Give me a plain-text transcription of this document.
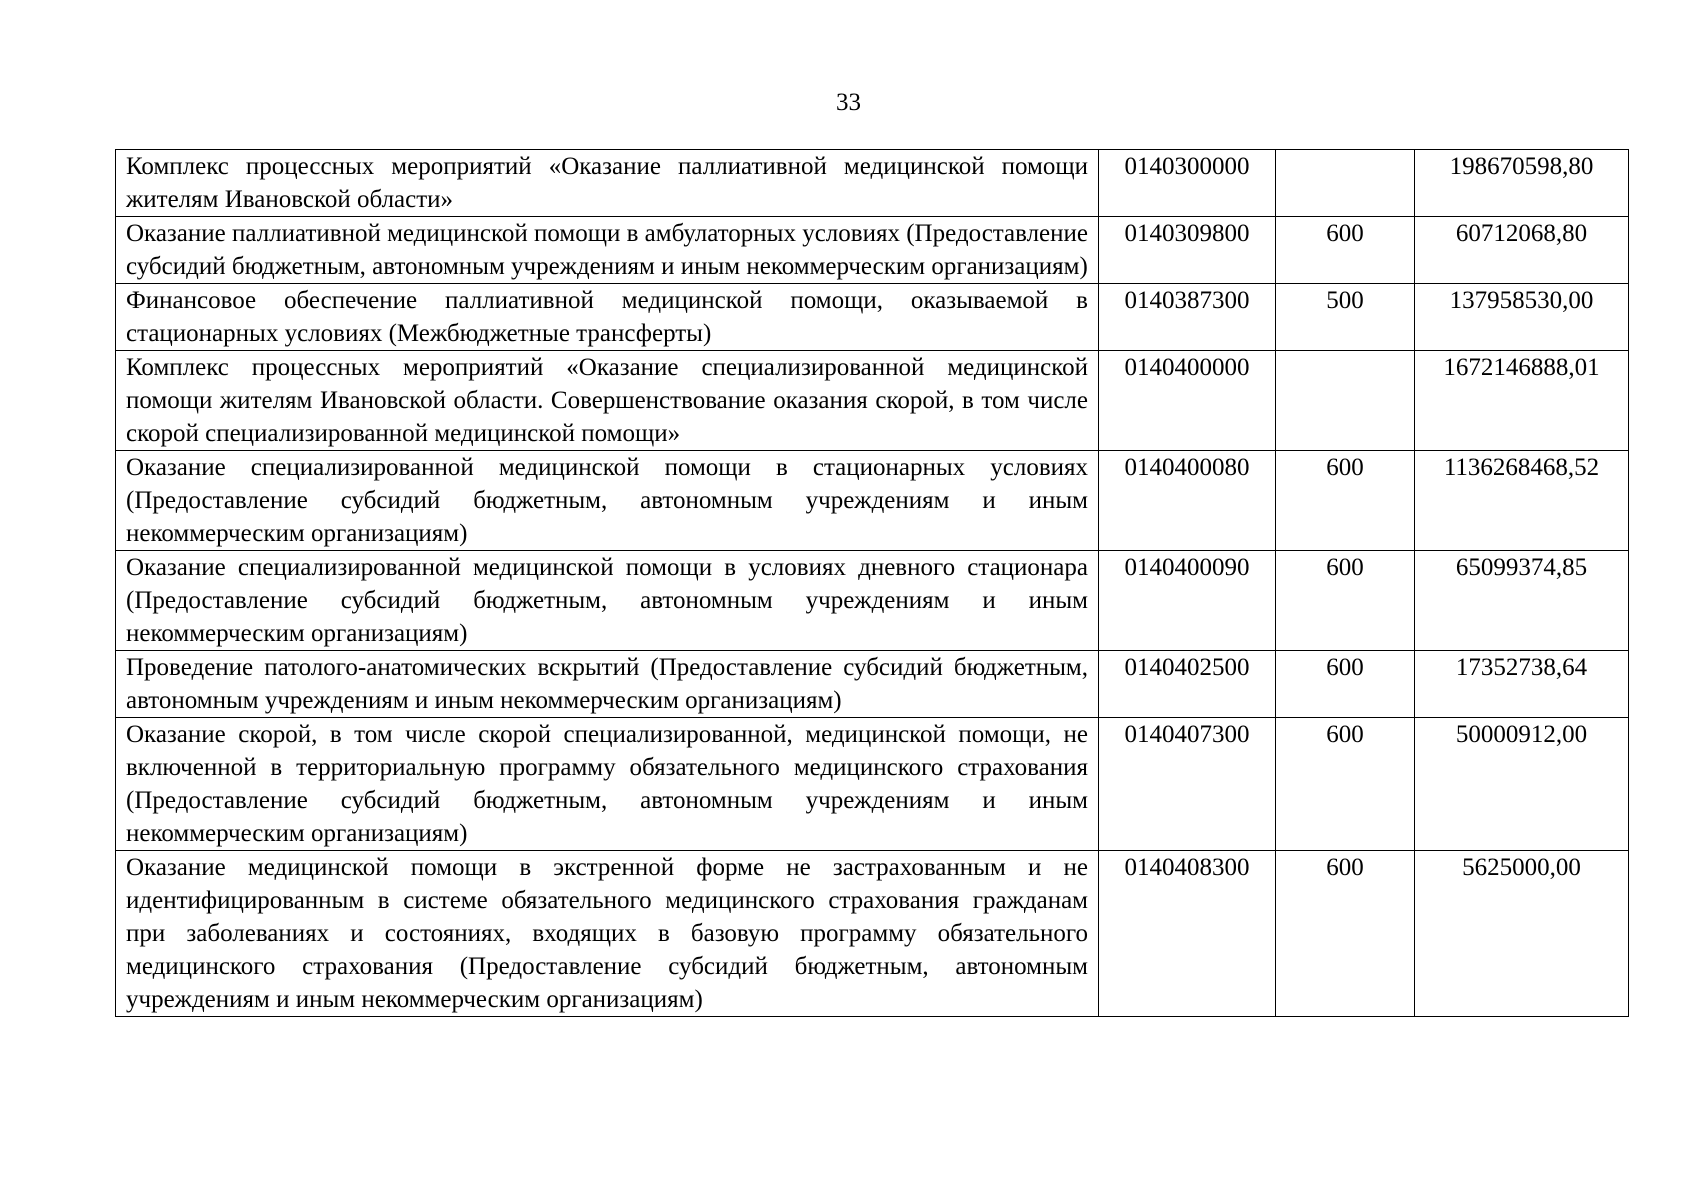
33
Комплекс процессных мероприятий «Оказание паллиативной медицинской помощи жителям Ивановской области»	0140300000		198670598,80
Оказание паллиативной медицинской помощи в амбулаторных условиях (Предоставление субсидий бюджетным, автономным учреждениям и иным некоммерческим организациям)	0140309800	600	60712068,80
Финансовое обеспечение паллиативной медицинской помощи, оказываемой в стационарных условиях (Межбюджетные трансферты)	0140387300	500	137958530,00
Комплекс процессных мероприятий «Оказание специализированной медицинской помощи жителям Ивановской области. Совершенствование оказания скорой, в том числе скорой специализированной медицинской помощи»	0140400000		1672146888,01
Оказание специализированной медицинской помощи в стационарных условиях (Предоставление субсидий бюджетным, автономным учреждениям и иным некоммерческим организациям)	0140400080	600	1136268468,52
Оказание специализированной медицинской помощи в условиях дневного стационара (Предоставление субсидий бюджетным, автономным учреждениям и иным некоммерческим организациям)	0140400090	600	65099374,85
Проведение патолого-анатомических вскрытий (Предоставление субсидий бюджетным, автономным учреждениям и иным некоммерческим организациям)	0140402500	600	17352738,64
Оказание скорой, в том числе скорой специализированной, медицинской помощи, не включенной в территориальную программу обязательного медицинского страхования (Предоставление субсидий бюджетным, автономным учреждениям и иным некоммерческим организациям)	0140407300	600	50000912,00
Оказание медицинской помощи в экстренной форме не застрахованным и не идентифицированным в системе обязательного медицинского страхования гражданам при заболеваниях и состояниях, входящих в базовую программу обязательного медицинского страхования (Предоставление субсидий бюджетным, автономным учреждениям и иным некоммерческим организациям)	0140408300	600	5625000,00
